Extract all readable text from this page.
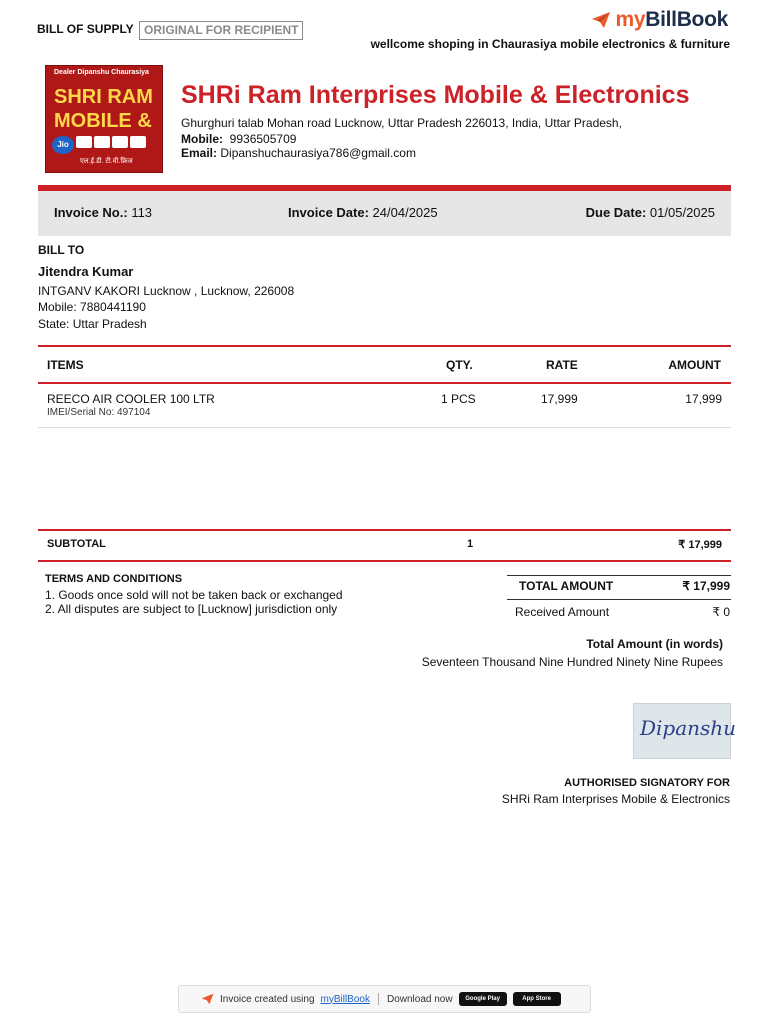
BILL OF SUPPLY ORIGINAL FOR RECIPIENT	myBillBook
wellcome shoping in Chaurasiya mobile electronics & furniture
Dealer Dipanshu Chaurasiya
SHRI RAM
MOBILE &
Jio
एल.ई.डी. टी.वी.फ्रिज
SHRi Ram Interprises Mobile & Electronics
Ghurghuri talab Mohan road Lucknow, Uttar Pradesh 226013, India, Uttar Pradesh,
Mobile: 9936505709
Email: Dipanshuchaurasiya786@gmail.com
Invoice No.: 113	Invoice Date: 24/04/2025	Due Date: 01/05/2025
BILL TO
Jitendra Kumar
INTGANV KAKORI Lucknow , Lucknow, 226008
Mobile: 7880441190
State: Uttar Pradesh
ITEMS	QTY.	RATE	AMOUNT
REECO AIR COOLER 100 LTR
IMEI/Serial No: 497104
1 PCS	17,999	17,999
SUBTOTAL	1	₹ 17,999
TERMS AND CONDITIONS
1. Goods once sold will not be taken back or exchanged
2. All disputes are subject to [Lucknow] jurisdiction only
TOTAL AMOUNT	₹ 17,999
Received Amount	₹ 0
Total Amount (in words)
Seventeen Thousand Nine Hundred Ninety Nine Rupees
Dipanshu
AUTHORISED SIGNATORY FOR
SHRi Ram Interprises Mobile & Electronics
Invoice created using myBillBook Download now	Google Play	App Store
